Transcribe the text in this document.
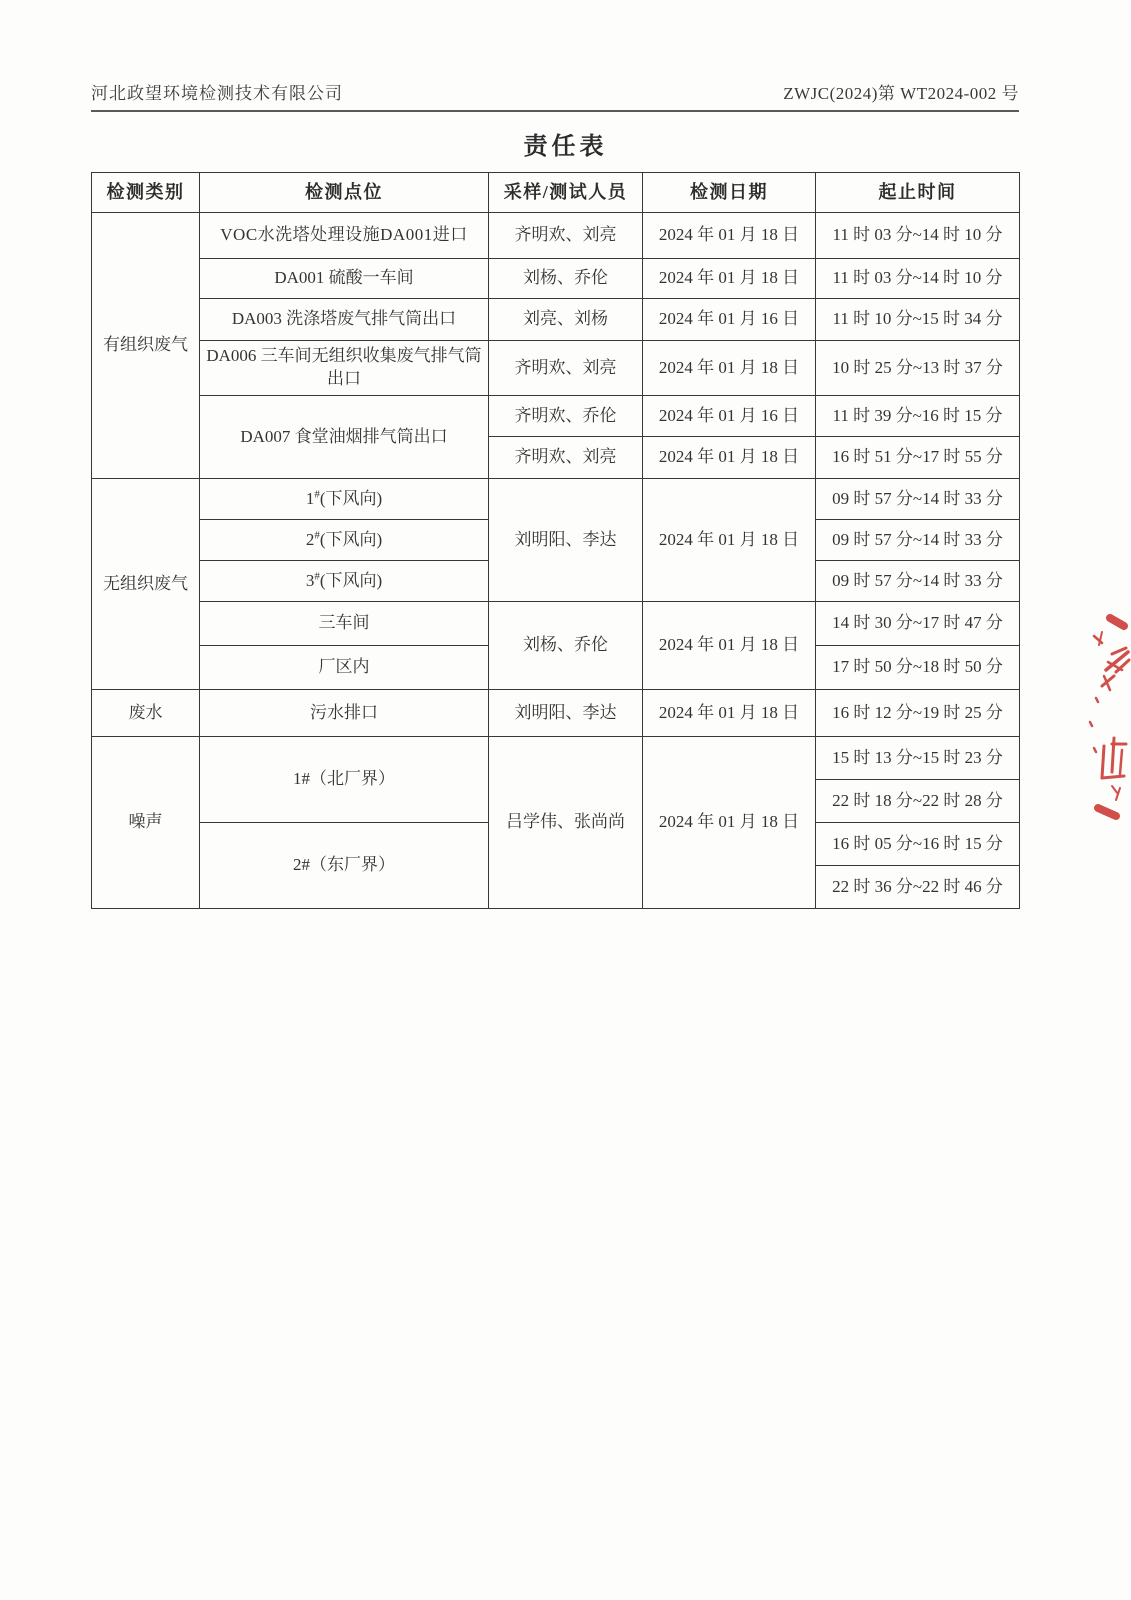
河北政望环境检测技术有限公司	ZWJC(2024)第 WT2024-002 号
责任表
检测类别	检测点位	采样/测试人员	检测日期	起止时间
有组织废气	VOC水洗塔处理设施DA001进口	齐明欢、刘亮	2024 年 01 月 18 日	11 时 03 分~14 时 10 分
	DA001 硫酸一车间	刘杨、乔伦	2024 年 01 月 18 日	11 时 03 分~14 时 10 分
	DA003 洗涤塔废气排气筒出口	刘亮、刘杨	2024 年 01 月 16 日	11 时 10 分~15 时 34 分
	DA006 三车间无组织收集废气排气筒出口	齐明欢、刘亮	2024 年 01 月 18 日	10 时 25 分~13 时 37 分
	DA007 食堂油烟排气筒出口	齐明欢、乔伦	2024 年 01 月 16 日	11 时 39 分~16 时 15 分
		齐明欢、刘亮	2024 年 01 月 18 日	16 时 51 分~17 时 55 分
无组织废气	1#(下风向)	刘明阳、李达	2024 年 01 月 18 日	09 时 57 分~14 时 33 分
	2#(下风向)			09 时 57 分~14 时 33 分
	3#(下风向)			09 时 57 分~14 时 33 分
	三车间	刘杨、乔伦	2024 年 01 月 18 日	14 时 30 分~17 时 47 分
	厂区内			17 时 50 分~18 时 50 分
废水	污水排口	刘明阳、李达	2024 年 01 月 18 日	16 时 12 分~19 时 25 分
噪声	1#（北厂界）	吕学伟、张尚尚	2024 年 01 月 18 日	15 时 13 分~15 时 23 分
				22 时 18 分~22 时 28 分
	2#（东厂界）			16 时 05 分~16 时 15 分
				22 时 36 分~22 时 46 分
